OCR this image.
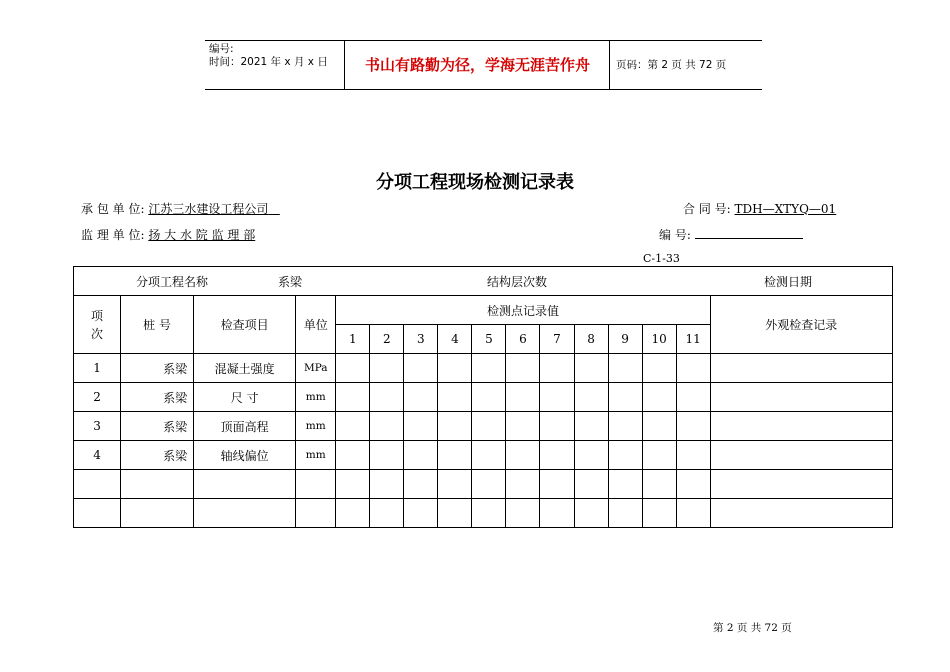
编号:
时间：2021 年 x 月 x 日	书山有路勤为径，学海无涯苦作舟	页码：第 2 页 共 72 页
分项工程现场检测记录表
承 包 单 位: 江苏三水建设工程公司	合 同 号: TDH—XTYQ—01
监 理 单 位: 扬 大 水 院 监 理 部	编 号:
C-1-33
分项工程名称 系梁 结构层次数 检测日期															

项次	桩 号	检查项目	单位	检测点记录值											外观检查记录
				1	2	3	4	5	6	7	8	9	10	11	
1	系梁	混凝土强度	MPa												
2	系梁	尺 寸	mm												
3	系梁	顶面高程	mm												
4	系梁	轴线偏位	mm												

第 2 页 共 72 页
